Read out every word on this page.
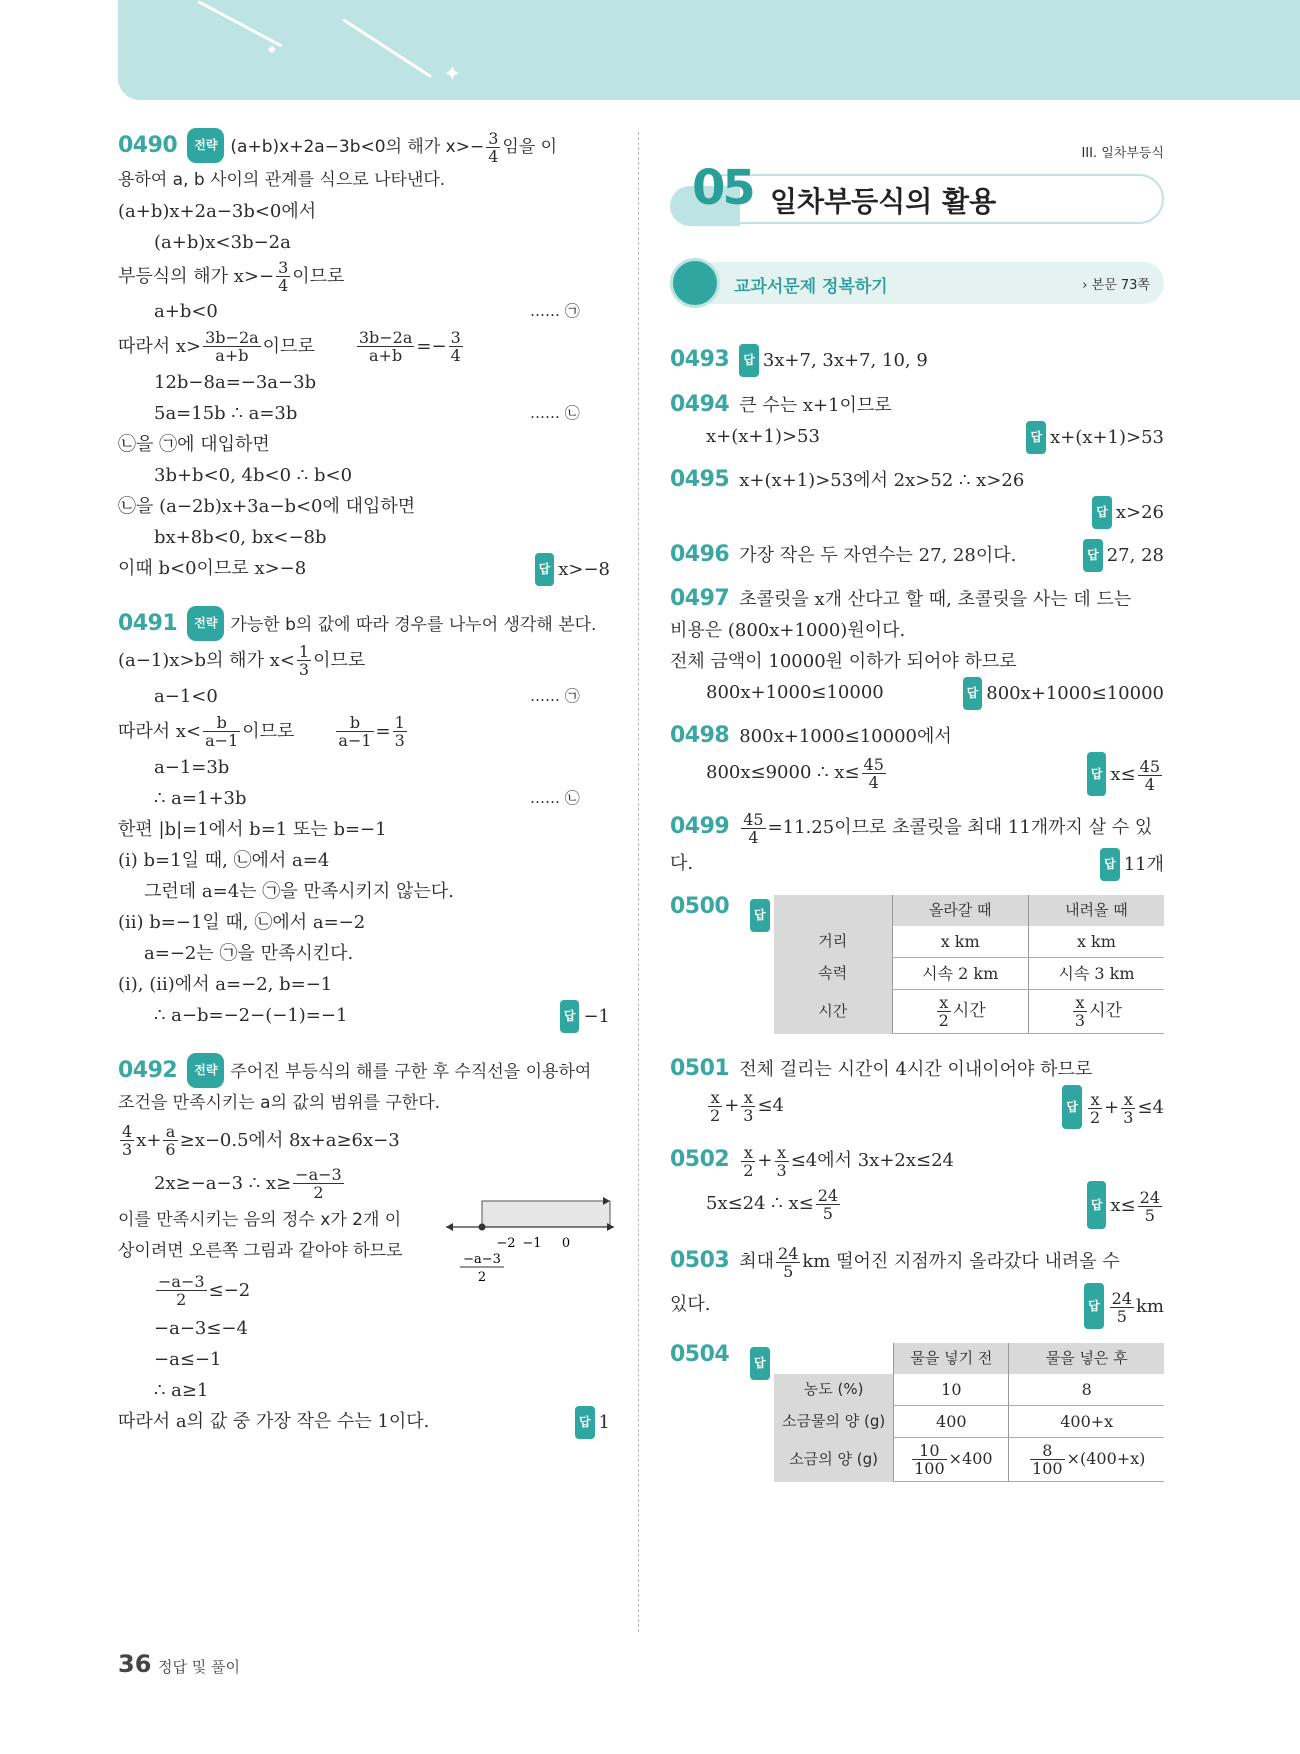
✦
◆
0490 전략 (a+b)x+2a−3b<0의 해가 $x>- \frac{3}{4}$ 임을 이
용하여 a, b 사이의 관계를 식으로 나타낸다.
(a+b)x+2a−3b<0에서
(a+b)x<3b−2a
부등식의 해가 $x>- \frac{3}{4}$ 이므로
a+b<0	…… ㉠
따라서 $x> \frac{3b-2a}{a+b}$ 이므로	$\frac{3b-2a}{a+b} =- \frac{3}{4}$
12b−8a=−3a−3b
5a=15b ∴ a=3b	…… ㉡
㉡을 ㉠에 대입하면
3b+b<0, 4b<0 ∴ b<0
㉡을 (a−2b)x+3a−b<0에 대입하면
bx+8b<0, bx<−8b
이때 b<0이므로 x>−8	답 x>−8
0491 전략 가능한 b의 값에 따라 경우를 나누어 생각해 본다.
(a−1)x>b의 해가 $x< \frac{1}{3}$ 이므로
a−1<0	…… ㉠
따라서 $x< \frac{b}{a-1}$ 이므로	$\frac{b}{a-1} = \frac{1}{3}$
a−1=3b
∴ a=1+3b	…… ㉡
한편 |b|=1에서 b=1 또는 b=−1
(ⅰ) b=1일 때, ㉡에서 a=4
그런데 a=4는 ㉠을 만족시키지 않는다.
(ⅱ) b=−1일 때, ㉡에서 a=−2
a=−2는 ㉠을 만족시킨다.
(ⅰ), (ⅱ)에서 a=−2, b=−1
∴ a−b=−2−(−1)=−1	답 −1
0492 전략 주어진 부등식의 해를 구한 후 수직선을 이용하여
조건을 만족시키는 a의 값의 범위를 구한다.
$\frac{4}{3} x+ \frac{a}{6} \ge x-0.5$에서 8x+a≥6x−3
2x≥−a−3 ∴ $x\ge \frac{-a-3}{2}$
이를 만족시키는 음의 정수 x가 2개 이
상이려면 오른쪽 그림과 같아야 하므로	−2 −1 0
−a−3
2
$\frac{-a-3}{2} \le-2$
−a−3≤−4
−a≤−1
∴ a≥1
따라서 a의 값 중 가장 작은 수는 1이다.	답 1
III. 일차부등식
05 일차부등식의 활용
교과서문제 정복하기	› 본문 73쪽
0493 답 3x+7, 3x+7, 10, 9
0494 큰 수는 x+1이므로
x+(x+1)>53	답 x+(x+1)>53
0495 x+(x+1)>53에서 2x>52 ∴ x>26
답 x>26

0496 가장 작은 두 자연수는 27, 28이다.	답 27, 28
0497 초콜릿을 x개 산다고 할 때, 초콜릿을 사는 데 드는
비용은 (800x+1000)원이다.
전체 금액이 10000원 이하가 되어야 하므로
800x+1000≤10000	답 800x+1000≤10000
0498 800x+1000≤10000에서
800x≤9000 ∴ $x\le \frac{45}{4}$	답 $x\le \frac{45}{4}$
$0499 \frac{45}{4} =11.25$이므로 초콜릿을 최대 11개까지 살 수 있
다.	답 11개
0500	답
		올라갈 때	내려올 때
거리	x km	x km
속력	시속 2 km	시속 3 km
시간	$\frac{x}{2}$ 시간	$\frac{x}{3}$ 시간
0501 전체 걸리는 시간이 4시간 이내이어야 하므로
$\frac{x}{2} + \frac{x}{3} \le 4$	답 $\frac{x}{2} + \frac{x}{3} \le 4$
$0502 \frac{x}{2} + \frac{x}{3} \le 4$에서 3x+2x≤24
5x≤24 ∴ $x\le \frac{24}{5}$	답 $x\le \frac{24}{5}$
0503 최대 $\frac{24}{5}$ km 떨어진 지점까지 올라갔다 내려올 수
있다.	답 $\frac{24}{5}$ km
0504	답
		물을 넣기 전	물을 넣은 후
농도 (%)	10	8
소금물의 양 (g)	400	400+x
소금의 양 (g)	$\frac{10}{100} \times 400$	$\frac{8}{100} \times(400+x)$
36 정답 및 풀이
